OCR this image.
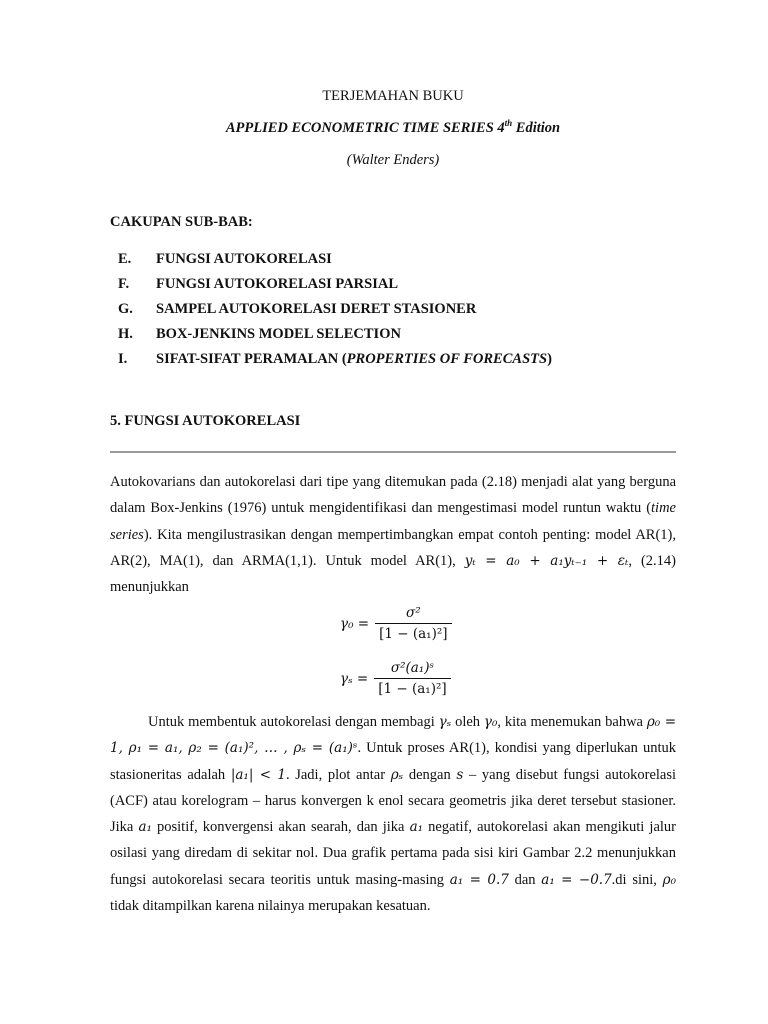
TERJEMAHAN BUKU
APPLIED ECONOMETRIC TIME SERIES 4th Edition
(Walter Enders)
CAKUPAN SUB-BAB:
E. FUNGSI AUTOKORELASI
F. FUNGSI AUTOKORELASI PARSIAL
G. SAMPEL AUTOKORELASI DERET STASIONER
H. BOX-JENKINS MODEL SELECTION
I. SIFAT-SIFAT PERAMALAN (PROPERTIES OF FORECASTS)
5. FUNGSI AUTOKORELASI
Autokovarians dan autokorelasi dari tipe yang ditemukan pada (2.18) menjadi alat yang berguna dalam Box-Jenkins (1976) untuk mengidentifikasi dan mengestimasi model runtun waktu (time series). Kita mengilustrasikan dengan mempertimbangkan empat contoh penting: model AR(1), AR(2), MA(1), dan ARMA(1,1). Untuk model AR(1), yₜ = a₀ + a₁yₜ₋₁ + εₜ, (2.14) menunjukkan
$\gamma_0 = \frac{\text{σ²}}{\text{[1 − (a₁)²]}}$
$\gamma_s = \frac{\text{σ²(a₁)ˢ}}{\text{[1 − (a₁)²]}}$
Untuk membentuk autokorelasi dengan membagi γₛ oleh γ₀, kita menemukan bahwa ρ₀ = 1, ρ₁ = a₁, ρ₂ = (a₁)², … , ρₛ = (a₁)ˢ. Untuk proses AR(1), kondisi yang diperlukan untuk stasioneritas adalah |a₁| < 1. Jadi, plot antar ρₛ dengan s – yang disebut fungsi autokorelasi (ACF) atau korelogram – harus konvergen k enol secara geometris jika deret tersebut stasioner. Jika a₁ positif, konvergensi akan searah, dan jika a₁ negatif, autokorelasi akan mengikuti jalur osilasi yang diredam di sekitar nol. Dua grafik pertama pada sisi kiri Gambar 2.2 menunjukkan fungsi autokorelasi secara teoritis untuk masing-masing a₁ = 0.7 dan a₁ = −0.7.di sini, ρ₀ tidak ditampilkan karena nilainya merupakan kesatuan.
